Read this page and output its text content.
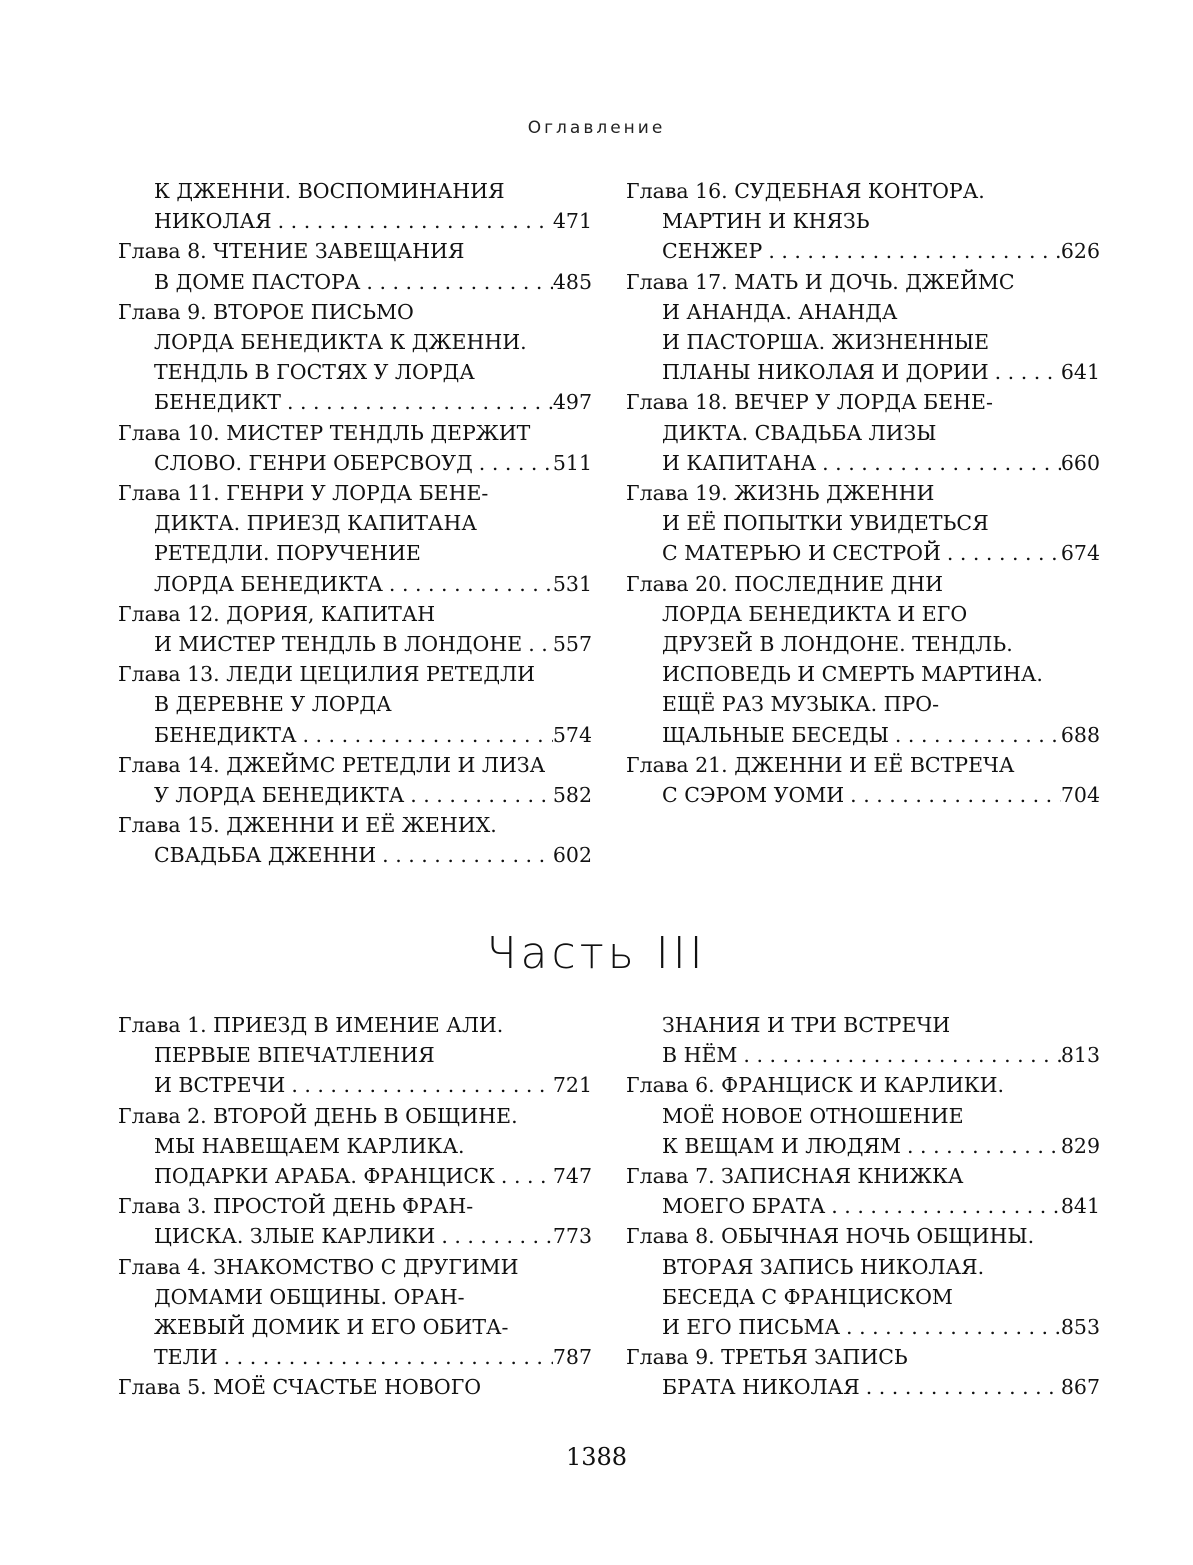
Оглавление
К ДЖЕННИ. ВОСПОМИНАНИЯ
НИКОЛАЯ . . .	471
Глава 8. ЧТЕНИЕ ЗАВЕЩАНИЯ
В ДОМЕ ПАСТОРА . . .	485
Глава 9. ВТОРОЕ ПИСЬМО
ЛОРДА БЕНЕДИКТА К ДЖЕННИ.
ТЕНДЛЬ В ГОСТЯХ У ЛОРДА
БЕНЕДИКТ . . .	497
Глава 10. МИСТЕР ТЕНДЛЬ ДЕРЖИТ
СЛОВО. ГЕНРИ ОБЕРСВОУД . . .	511
Глава 11. ГЕНРИ У ЛОРДА БЕНЕ-
ДИКТА. ПРИЕЗД КАПИТАНА
РЕТЕДЛИ. ПОРУЧЕНИЕ
ЛОРДА БЕНЕДИКТА . . .	531
Глава 12. ДОРИЯ, КАПИТАН
И МИСТЕР ТЕНДЛЬ В ЛОНДОНЕ . . . 557
Глава 13. ЛЕДИ ЦЕЦИЛИЯ РЕТЕДЛИ
В ДЕРЕВНЕ У ЛОРДА
БЕНЕДИКТА . . .	574
Глава 14. ДЖЕЙМС РЕТЕДЛИ И ЛИЗА
У ЛОРДА БЕНЕДИКТА . . .	582
Глава 15. ДЖЕННИ И ЕЁ ЖЕНИХ.
СВАДЬБА ДЖЕННИ . . .	602
Глава 16. СУДЕБНАЯ КОНТОРА.
МАРТИН И КНЯЗЬ
СЕНЖЕР . . .	626
Глава 17. МАТЬ И ДОЧЬ. ДЖЕЙМС
И АНАНДА. АНАНДА
И ПАСТОРША. ЖИЗНЕННЫЕ
ПЛАНЫ НИКОЛАЯ И ДОРИИ . . .	641
Глава 18. ВЕЧЕР У ЛОРДА БЕНЕ-
ДИКТА. СВАДЬБА ЛИЗЫ
И КАПИТАНА . . .	660
Глава 19. ЖИЗНЬ ДЖЕННИ
И ЕЁ ПОПЫТКИ УВИДЕТЬСЯ
С МАТЕРЬЮ И СЕСТРОЙ . . .	674
Глава 20. ПОСЛЕДНИЕ ДНИ
ЛОРДА БЕНЕДИКТА И ЕГО
ДРУЗЕЙ В ЛОНДОНЕ. ТЕНДЛЬ.
ИСПОВЕДЬ И СМЕРТЬ МАРТИНА.
ЕЩЁ РАЗ МУЗЫКА. ПРО-
ЩАЛЬНЫЕ БЕСЕДЫ . . .	688
Глава 21. ДЖЕННИ И ЕЁ ВСТРЕЧА
С СЭРОМ УОМИ . . .	704
Часть III
Глава 1. ПРИЕЗД В ИМЕНИЕ АЛИ.
ПЕРВЫЕ ВПЕЧАТЛЕНИЯ
И ВСТРЕЧИ . . .	721
Глава 2. ВТОРОЙ ДЕНЬ В ОБЩИНЕ.
МЫ НАВЕЩАЕМ КАРЛИКА.
ПОДАРКИ АРАБА. ФРАНЦИСК . . .	747
Глава 3. ПРОСТОЙ ДЕНЬ ФРАН-
ЦИСКА. ЗЛЫЕ КАРЛИКИ . . .	773
Глава 4. ЗНАКОМСТВО С ДРУГИМИ
ДОМАМИ ОБЩИНЫ. ОРАН-
ЖЕВЫЙ ДОМИК И ЕГО ОБИТА-
ТЕЛИ . . .	787
Глава 5. МОЁ СЧАСТЬЕ НОВОГО
ЗНАНИЯ И ТРИ ВСТРЕЧИ
В НЁМ . . .	813
Глава 6. ФРАНЦИСК И КАРЛИКИ.
МОЁ НОВОЕ ОТНОШЕНИЕ
К ВЕЩАМ И ЛЮДЯМ . . .	829
Глава 7. ЗАПИСНАЯ КНИЖКА
МОЕГО БРАТА . . .	841
Глава 8. ОБЫЧНАЯ НОЧЬ ОБЩИНЫ.
ВТОРАЯ ЗАПИСЬ НИКОЛАЯ.
БЕСЕДА С ФРАНЦИСКОМ
И ЕГО ПИСЬМА . . .	853
Глава 9. ТРЕТЬЯ ЗАПИСЬ
БРАТА НИКОЛАЯ . . .	867
1388
